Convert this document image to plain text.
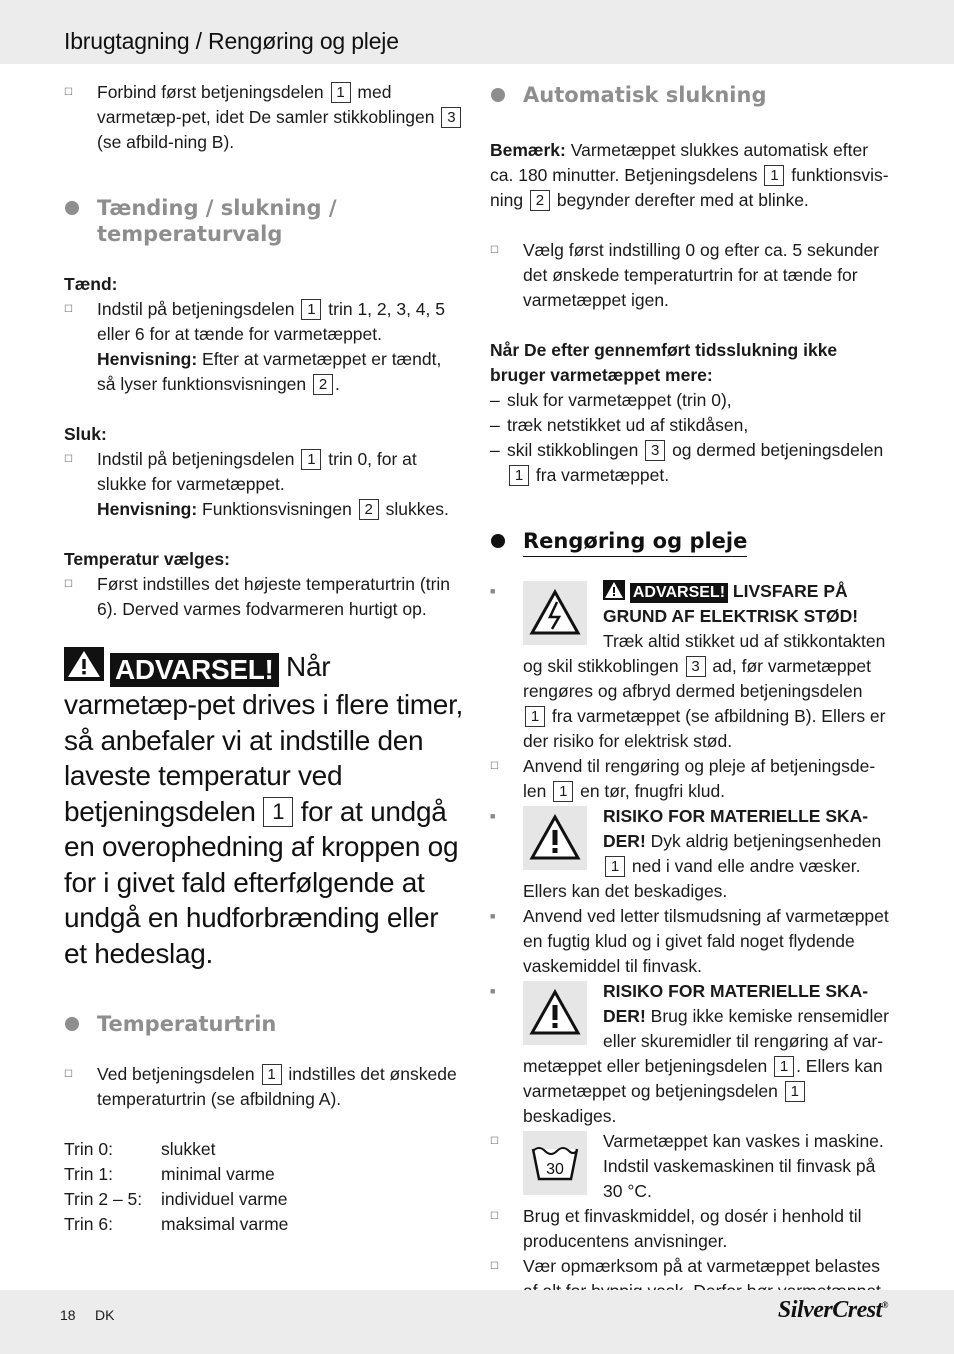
Ibrugtagning / Rengøring og pleje
☐ Forbind først betjeningsdelen 1 med varmetæp-pet, idet De samler stikkoblingen 3 (se afbild-ning B).
Tænding / slukning /
temperaturvalg

Tænd:

☐ Indstil på betjeningsdelen 1 trin 1, 2, 3, 4, 5 eller 6 for at tænde for varmetæppet.
Henvisning: Efter at varmetæppet er tændt, så lyser funktionsvisningen 2 .

Sluk:

☐ Indstil på betjeningsdelen 1 trin 0, for at slukke for varmetæppet.
Henvisning: Funktionsvisningen 2 slukkes.

Temperatur vælges:

☐ Først indstilles det højeste temperaturtrin (trin 6). Derved varmes fodvarmeren hurtigt op.
ADVARSEL! Når varmetæp-pet drives i flere timer, så anbefaler vi at indstille den laveste temperatur ved betjeningsdelen 1 for at undgå en overophedning af kroppen og for i givet fald efterfølgende at undgå en hudforbrænding eller et hedeslag.
Temperaturtrin
☐ Ved betjeningsdelen 1 indstilles det ønskede temperaturtrin (se afbildning A).
Trin 0:	slukket
Trin 1:	minimal varme
Trin 2 – 5:	individuel varme
Trin 6:	maksimal varme
Automatisk slukning

Bemærk: Varmetæppet slukkes automatisk efter ca. 180 minutter. Betjeningsdelens 1 funktionsvis-ning 2 begynder derefter med at blinke.

☐ Vælg først indstilling 0 og efter ca. 5 sekunder det ønskede temperaturtrin for at tænde for varmetæppet igen.

Når De efter gennemført tidsslukning ikke bruger varmetæppet mere:

– sluk for varmetæppet (trin 0),
– træk netstikket ud af stikdåsen,
– skil stikkoblingen 3 og dermed betjeningsdelen
1 fra varmetæppet.
Rengøring og pleje
■	ADVARSEL! LIVSFARE PÅ GRUND AF ELEKTRISK STØD! Træk altid stikket ud af stikkontakten og skil stikkoblingen 3 ad, før varmetæppet rengøres og afbryd dermed betjeningsdelen 1 fra varmetæppet (se afbildning B). Ellers er der risiko for elektrisk stød.
☐ Anvend til rengøring og pleje af betjeningsde-len 1 en tør, fnugfri klud.
■	RISIKO FOR MATERIELLE SKA-DER! Dyk aldrig betjeningsenheden 1 ned i vand elle andre væsker. Ellers kan det beskadiges.
■ Anvend ved letter tilsmudsning af varmetæppet en fugtig klud og i givet fald noget flydende vaskemiddel til finvask.
■	RISIKO FOR MATERIELLE SKA-DER! Brug ikke kemiske rensemidler eller skuremidler til rengøring af var-metæppet eller betjeningsdelen 1 . Ellers kan varmetæppet og betjeningsdelen 1 beskadiges.
☐
30
Varmetæppet kan vaskes i maskine. Indstil vaskemaskinen til finvask på 30 °C.
☐ Brug et finvaskmiddel, og dosér i henhold til producentens anvisninger.
☐ Vær opmærksom på at varmetæppet belastes
18 DK	SilverCrest®
